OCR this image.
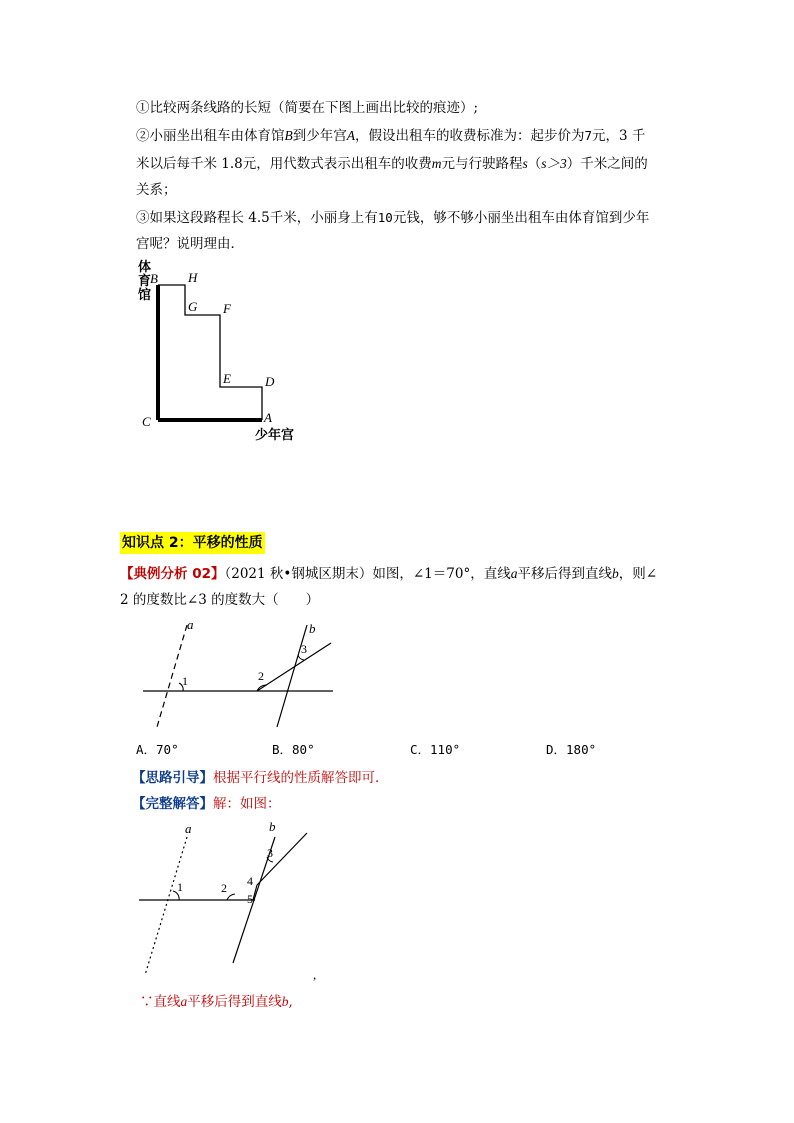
①比较两条线路的长短（简要在下图上画出比较的痕迹）;
②小丽坐出租车由体育馆B到少年宫A，假设出租车的收费标准为：起步价为7元，3 千
米以后每千米 1.8元，用代数式表示出租车的收费m元与行驶路程s（s＞3）千米之间的
关系；
③如果这段路程长 4.5千米，小丽身上有10元钱，够不够小丽坐出租车由体育馆到少年
宫呢？说明理由．
体
育
馆
B H
G F
E	D
C	A
少年宫
知识点 2：平移的性质
【典例分析 02】（2021 秋•钢城区期末）如图，∠1＝70°，直线a平移后得到直线b，则∠
2 的度数比∠3 的度数大（　　）
a	b
1	2
3
A．70°	B．80°	C．110°	D．180°
【思路引导】根据平行线的性质解答即可．
【完整解答】解：如图：
a	b
1	2
3
4
5
,
∵直线a平移后得到直线b,
